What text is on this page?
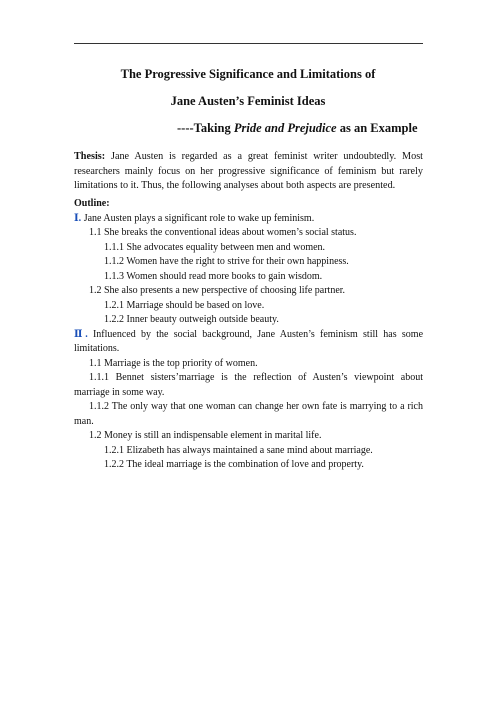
The Progressive Significance and Limitations of
Jane Austen’s Feminist Ideas
----Taking Pride and Prejudice as an Example
Thesis: Jane Austen is regarded as a great feminist writer undoubtedly. Most researchers mainly focus on her progressive significance of feminism but rarely limitations to it. Thus, the following analyses about both aspects are presented.
Outline:
Ⅰ. Jane Austen plays a significant role to wake up feminism.
1.1 She breaks the conventional ideas about women’s social status.
1.1.1 She advocates equality between men and women.
1.1.2 Women have the right to strive for their own happiness.
1.1.3 Women should read more books to gain wisdom.
1.2 She also presents a new perspective of choosing life partner.
1.2.1 Marriage should be based on love.
1.2.2 Inner beauty outweigh outside beauty.
Ⅱ. Influenced by the social background, Jane Austen’s feminism still has some limitations.
1.1 Marriage is the top priority of women.
1.1.1 Bennet sisters’marriage is the reflection of Austen’s viewpoint about marriage in some way.
1.1.2 The only way that one woman can change her own fate is marrying to a rich man.
1.2 Money is still an indispensable element in marital life.
1.2.1 Elizabeth has always maintained a sane mind about marriage.
1.2.2 The ideal marriage is the combination of love and property.
